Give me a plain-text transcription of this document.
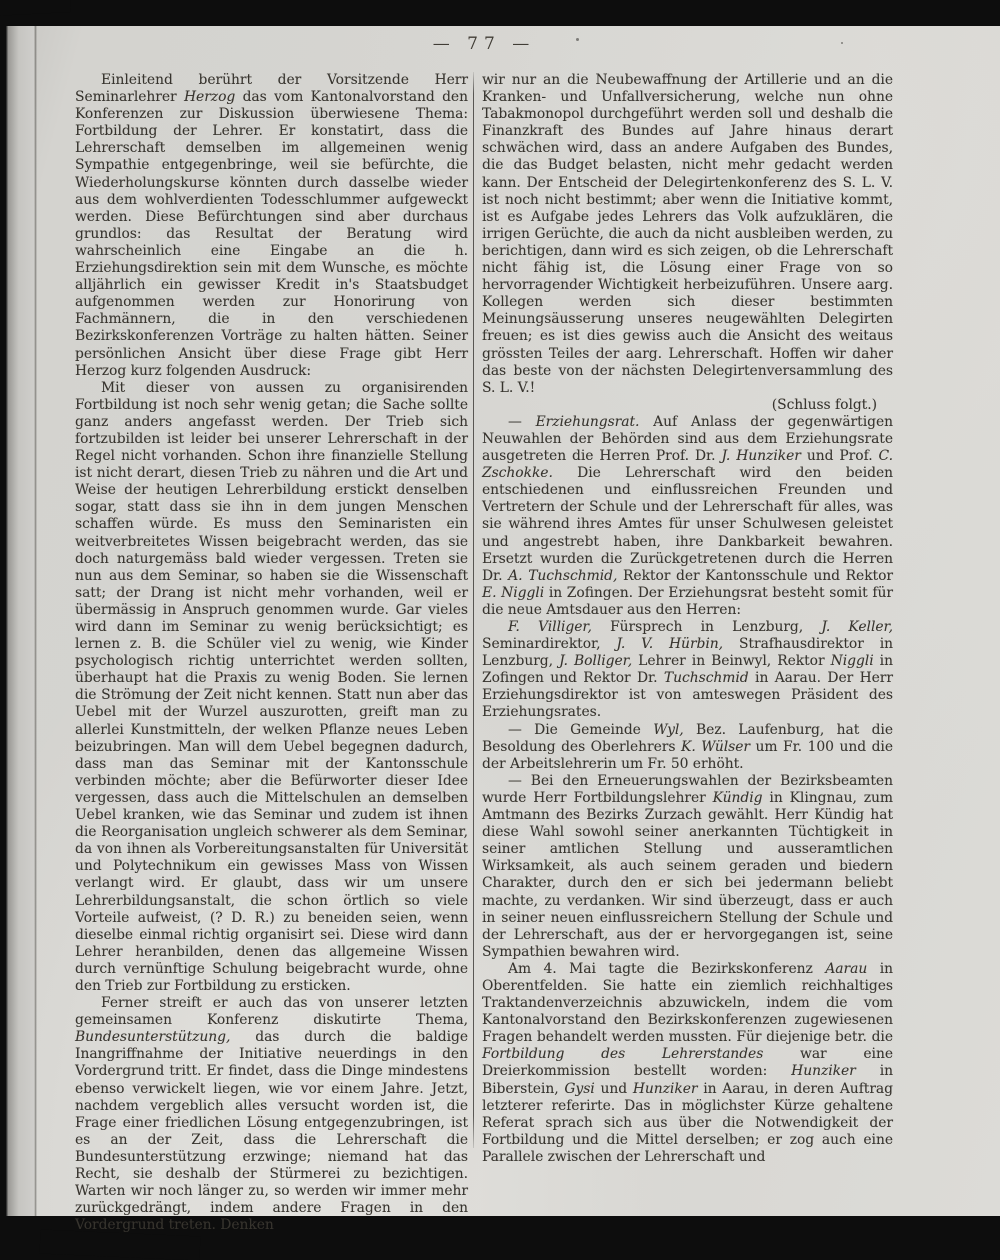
— 77 —

Einleitend berührt der Vorsitzende Herr Seminarlehrer Herzog das vom Kantonalvorstand den Konferenzen zur Diskussion überwiesene Thema: Fortbildung der Lehrer. Er konstatirt, dass die Lehrerschaft demselben im allgemeinen wenig Sympathie entgegenbringe, weil sie befürchte, die Wiederholungskurse könnten durch dasselbe wieder aus dem wohlverdienten Todesschlummer aufgeweckt werden. Diese Befürchtungen sind aber durchaus grundlos: das Resultat der Beratung wird wahrscheinlich eine Eingabe an die h. Erziehungsdirektion sein mit dem Wunsche, es möchte alljährlich ein gewisser Kredit in's Staatsbudget aufgenommen werden zur Honorirung von Fachmännern, die in den verschiedenen Bezirkskonferenzen Vorträge zu halten hätten. Seiner persönlichen Ansicht über diese Frage gibt Herr Herzog kurz folgenden Ausdruck:

Mit dieser von aussen zu organisirenden Fortbildung ist noch sehr wenig getan; die Sache sollte ganz anders angefasst werden. Der Trieb sich fortzubilden ist leider bei unserer Lehrerschaft in der Regel nicht vorhanden. Schon ihre finanzielle Stellung ist nicht derart, diesen Trieb zu nähren und die Art und Weise der heutigen Lehrerbildung erstickt denselben sogar, statt dass sie ihn in dem jungen Menschen schaffen würde. Es muss den Seminaristen ein weitverbreitetes Wissen beigebracht werden, das sie doch naturgemäss bald wieder vergessen. Treten sie nun aus dem Seminar, so haben sie die Wissenschaft satt; der Drang ist nicht mehr vorhanden, weil er übermässig in Anspruch genommen wurde. Gar vieles wird dann im Seminar zu wenig berücksichtigt; es lernen z. B. die Schüler viel zu wenig, wie Kinder psychologisch richtig unterrichtet werden sollten, überhaupt hat die Praxis zu wenig Boden. Sie lernen die Strömung der Zeit nicht kennen. Statt nun aber das Uebel mit der Wurzel auszurotten, greift man zu allerlei Kunstmitteln, der welken Pflanze neues Leben beizubringen. Man will dem Uebel begegnen dadurch, dass man das Seminar mit der Kantonsschule verbinden möchte; aber die Befürworter dieser Idee vergessen, dass auch die Mittelschulen an demselben Uebel kranken, wie das Seminar und zudem ist ihnen die Reorganisation ungleich schwerer als dem Seminar, da von ihnen als Vorbereitungsanstalten für Universität und Polytechnikum ein gewisses Mass von Wissen verlangt wird. Er glaubt, dass wir um unsere Lehrerbildungsanstalt, die schon örtlich so viele Vorteile aufweist, (? D. R.) zu beneiden seien, wenn dieselbe einmal richtig organisirt sei. Diese wird dann Lehrer heranbilden, denen das allgemeine Wissen durch vernünftige Schulung beigebracht wurde, ohne den Trieb zur Fortbildung zu ersticken.

Ferner streift er auch das von unserer letzten gemeinsamen Konferenz diskutirte Thema, Bundesunterstützung, das durch die baldige Inangriffnahme der Initiative neuerdings in den Vordergrund tritt. Er findet, dass die Dinge mindestens ebenso verwickelt liegen, wie vor einem Jahre. Jetzt, nachdem vergeblich alles versucht worden ist, die Frage einer friedlichen Lösung entgegenzubringen, ist es an der Zeit, dass die Lehrerschaft die Bundesunterstützung erzwinge; niemand hat das Recht, sie deshalb der Stürmerei zu bezichtigen. Warten wir noch länger zu, so werden wir immer mehr zurückgedrängt, indem andere Fragen in den Vordergrund treten. Denken

wir nur an die Neubewaffnung der Artillerie und an die Kranken- und Unfallversicherung, welche nun ohne Tabakmonopol durchgeführt werden soll und deshalb die Finanzkraft des Bundes auf Jahre hinaus derart schwächen wird, dass an andere Aufgaben des Bundes, die das Budget belasten, nicht mehr gedacht werden kann. Der Entscheid der Delegirtenkonferenz des S. L. V. ist noch nicht bestimmt; aber wenn die Initiative kommt, ist es Aufgabe jedes Lehrers das Volk aufzuklären, die irrigen Gerüchte, die auch da nicht ausbleiben werden, zu berichtigen, dann wird es sich zeigen, ob die Lehrerschaft nicht fähig ist, die Lösung einer Frage von so hervorragender Wichtigkeit herbeizuführen. Unsere aarg. Kollegen werden sich dieser bestimmten Meinungsäusserung unseres neugewählten Delegirten freuen; es ist dies gewiss auch die Ansicht des weitaus grössten Teiles der aarg. Lehrerschaft. Hoffen wir daher das beste von der nächsten Delegirtenversammlung des S. L. V.!

(Schluss folgt.)

— Erziehungsrat. Auf Anlass der gegenwärtigen Neuwahlen der Behörden sind aus dem Erziehungsrate ausgetreten die Herren Prof. Dr. J. Hunziker und Prof. C. Zschokke. Die Lehrerschaft wird den beiden entschiedenen und einflussreichen Freunden und Vertretern der Schule und der Lehrerschaft für alles, was sie während ihres Amtes für unser Schulwesen geleistet und angestrebt haben, ihre Dankbarkeit bewahren. Ersetzt wurden die Zurückgetretenen durch die Herren Dr. A. Tuchschmid, Rektor der Kantonsschule und Rektor E. Niggli in Zofingen. Der Erziehungsrat besteht somit für die neue Amtsdauer aus den Herren:

F. Villiger, Fürsprech in Lenzburg, J. Keller, Seminardirektor, J. V. Hürbin, Strafhausdirektor in Lenzburg, J. Bolliger, Lehrer in Beinwyl, Rektor Niggli in Zofingen und Rektor Dr. Tuchschmid in Aarau. Der Herr Erziehungsdirektor ist von amteswegen Präsident des Erziehungsrates.

— Die Gemeinde Wyl, Bez. Laufenburg, hat die Besoldung des Oberlehrers K. Wülser um Fr. 100 und die der Arbeitslehrerin um Fr. 50 erhöht.

— Bei den Erneuerungswahlen der Bezirksbeamten wurde Herr Fortbildungslehrer Kündig in Klingnau, zum Amtmann des Bezirks Zurzach gewählt. Herr Kündig hat diese Wahl sowohl seiner anerkannten Tüchtigkeit in seiner amtlichen Stellung und ausseramtlichen Wirksamkeit, als auch seinem geraden und biedern Charakter, durch den er sich bei jedermann beliebt machte, zu verdanken. Wir sind überzeugt, dass er auch in seiner neuen einflussreichern Stellung der Schule und der Lehrerschaft, aus der er hervorgegangen ist, seine Sympathien bewahren wird.

Am 4. Mai tagte die Bezirkskonferenz Aarau in Oberentfelden. Sie hatte ein ziemlich reichhaltiges Traktandenverzeichnis abzuwickeln, indem die vom Kantonalvorstand den Bezirkskonferenzen zugewiesenen Fragen behandelt werden mussten. Für diejenige betr. die Fortbildung des Lehrerstandes war eine Dreierkommission bestellt worden: Hunziker in Biberstein, Gysi und Hunziker in Aarau, in deren Auftrag letzterer referirte. Das in möglichster Kürze gehaltene Referat sprach sich aus über die Notwendigkeit der Fortbildung und die Mittel derselben; er zog auch eine Parallele zwischen der Lehrerschaft und
